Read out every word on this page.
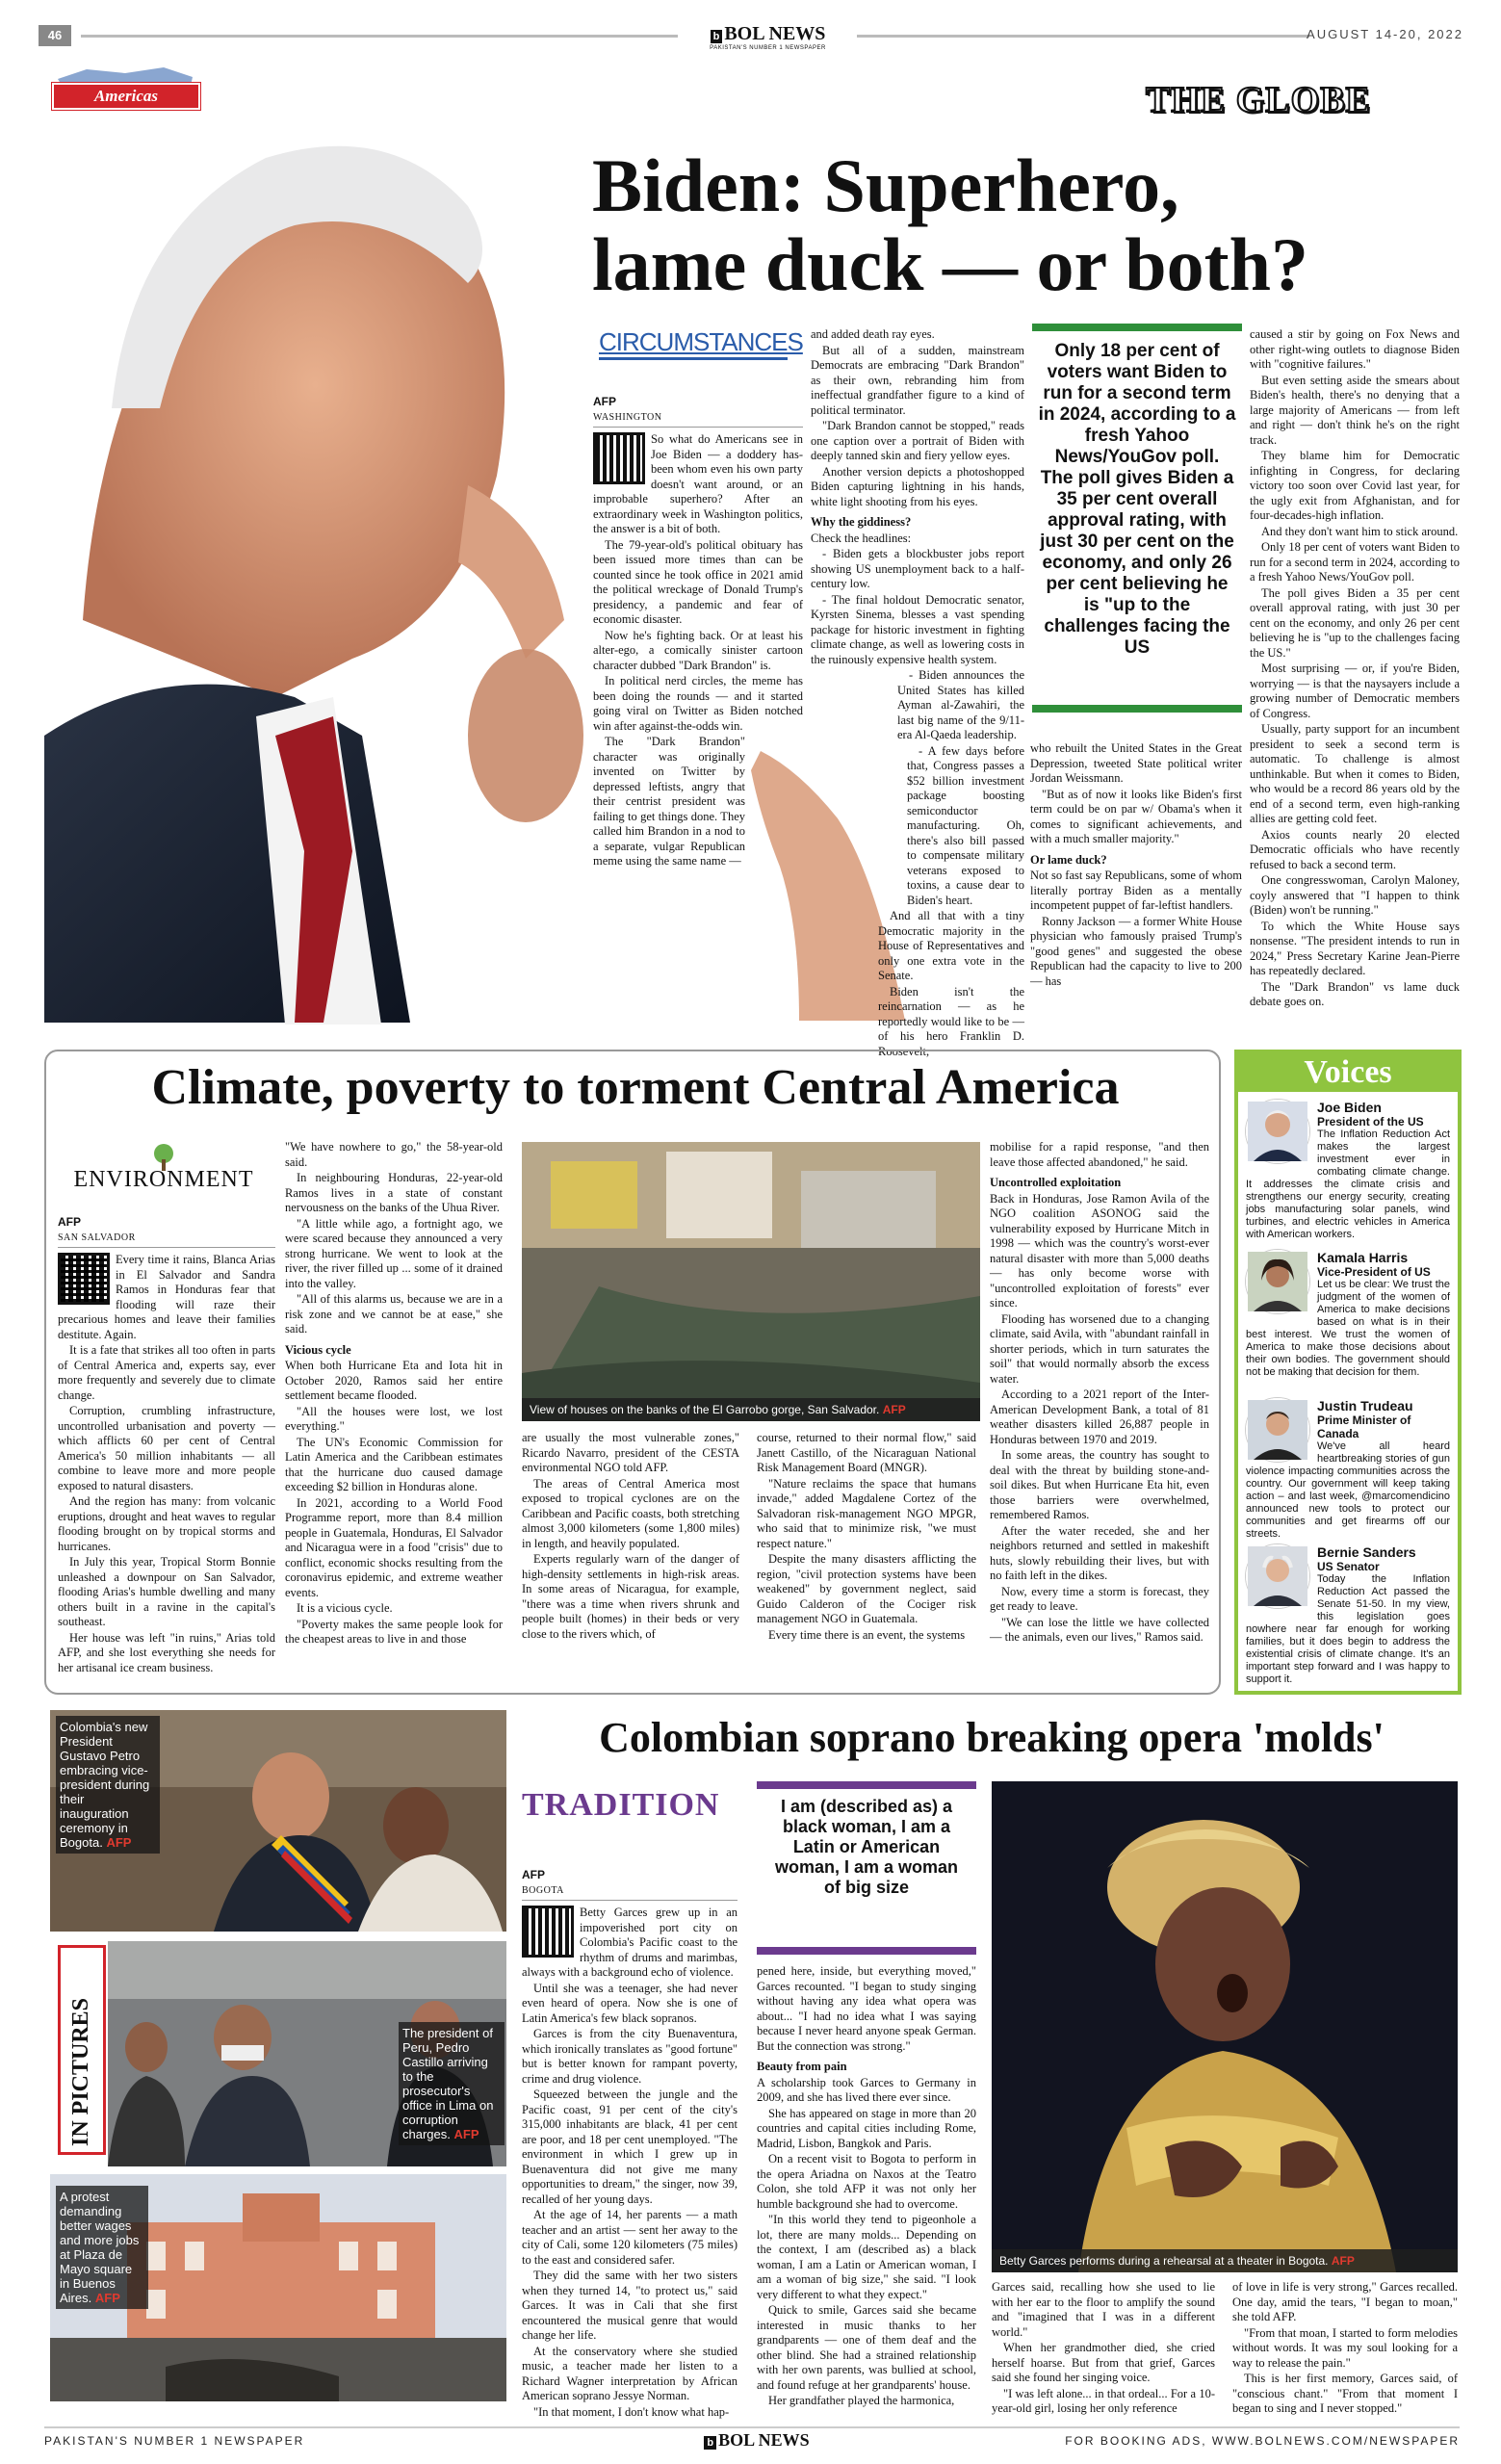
46	b BOL NEWS
PAKISTAN'S NUMBER 1 NEWSPAPER
AUGUST 14-20, 2022
Americas	THE GLOBE
Biden: Superhero,
lame duck — or both?
CIRCUMSTANCES
AFP
WASHINGTON

So what do Americans see in Joe Biden — a doddery has-been whom even his own party doesn't want around, or an improbable superhero? After an extraordinary week in Washington politics, the answer is a bit of both.

The 79-year-old's political obituary has been issued more times than can be counted since he took office in 2021 amid the political wreckage of Donald Trump's presidency, a pandemic and fear of economic disaster.

Now he's fighting back. Or at least his alter-ego, a comically sinister cartoon character dubbed "Dark Brandon" is.

In political nerd circles, the meme has been doing the rounds — and it started going viral on Twitter as Biden notched win after against-the-odds win.

The "Dark Brandon" character was originally invented on Twitter by depressed leftists, angry that their centrist president was failing to get things done. They called him Brandon in a nod to a separate, vulgar Republican meme using the same name —

and added death ray eyes.

But all of a sudden, mainstream Democrats are embracing "Dark Brandon" as their own, rebranding him from ineffectual grandfather figure to a kind of political terminator.

"Dark Brandon cannot be stopped," reads one caption over a portrait of Biden with deeply tanned skin and fiery yellow eyes.

Another version depicts a photoshopped Biden capturing lightning in his hands, white light shooting from his eyes.

Why the giddiness?

Check the headlines:

- Biden gets a blockbuster jobs report showing US unemployment back to a half-century low.

- The final holdout Democratic senator, Kyrsten Sinema, blesses a vast spending package for historic investment in fighting climate change, as well as lowering costs in the ruinously expensive health system.

- Biden announces the United States has killed Ayman al-Zawahiri, the last big name of the 9/11-era Al-Qaeda leadership.

- A few days before that, Congress passes a $52 billion investment package boosting semiconductor manufacturing. Oh, there's also bill passed to compensate military veterans exposed to toxins, a cause dear to Biden's heart.

And all that with a tiny Democratic majority in the House of Representatives and only one extra vote in the Senate.

Biden isn't the reincarnation — as he reportedly would like to be — of his hero Franklin D. Roosevelt,

Only 18 per cent of voters want Biden to run for a second term in 2024, according to a fresh Yahoo News/YouGov poll. The poll gives Biden a 35 per cent overall approval rating, with just 30 per cent on the economy, and only 26 per cent believing he is "up to the challenges facing the US

who rebuilt the United States in the Great Depression, tweeted State political writer Jordan Weissmann.

"But as of now it looks like Biden's first term could be on par w/ Obama's when it comes to significant achievements, and with a much smaller majority."

Or lame duck?

Not so fast say Republicans, some of whom literally portray Biden as a mentally incompetent puppet of far-leftist handlers.

Ronny Jackson — a former White House physician who famously praised Trump's "good genes" and suggested the obese Republican had the capacity to live to 200 — has

caused a stir by going on Fox News and other right-wing outlets to diagnose Biden with "cognitive failures."

But even setting aside the smears about Biden's health, there's no denying that a large majority of Americans — from left and right — don't think he's on the right track.

They blame him for Democratic infighting in Congress, for declaring victory too soon over Covid last year, for the ugly exit from Afghanistan, and for four-decades-high inflation.

And they don't want him to stick around.

Only 18 per cent of voters want Biden to run for a second term in 2024, according to a fresh Yahoo News/YouGov poll.

The poll gives Biden a 35 per cent overall approval rating, with just 30 per cent on the economy, and only 26 per cent believing he is "up to the challenges facing the US."

Most surprising — or, if you're Biden, worrying — is that the naysayers include a growing number of Democratic members of Congress.

Usually, party support for an incumbent president to seek a second term is automatic. To challenge is almost unthinkable. But when it comes to Biden, who would be a record 86 years old by the end of a second term, even high-ranking allies are getting cold feet.

Axios counts nearly 20 elected Democratic officials who have recently refused to back a second term.

One congresswoman, Carolyn Maloney, coyly answered that "I happen to think (Biden) won't be running."

To which the White House says nonsense. "The president intends to run in 2024," Press Secretary Karine Jean-Pierre has repeatedly declared.

The "Dark Brandon" vs lame duck debate goes on.

Climate, poverty to torment Central America
ENVIRONMENT
AFP
SAN SALVADOR

Every time it rains, Blanca Arias in El Salvador and Sandra Ramos in Honduras fear that flooding will raze their precarious homes and leave their families destitute. Again.

It is a fate that strikes all too often in parts of Central America and, experts say, ever more frequently and severely due to climate change.

Corruption, crumbling infrastructure, uncontrolled urbanisation and poverty — which afflicts 60 per cent of Central America's 50 million inhabitants — all combine to leave more and more people exposed to natural disasters.

And the region has many: from volcanic eruptions, drought and heat waves to regular flooding brought on by tropical storms and hurricanes.

In July this year, Tropical Storm Bonnie unleashed a downpour on San Salvador, flooding Arias's humble dwelling and many others built in a ravine in the capital's southeast.

Her house was left "in ruins," Arias told AFP, and she lost everything she needs for her artisanal ice cream business.

"We have nowhere to go," the 58-year-old said.

In neighbouring Honduras, 22-year-old Ramos lives in a state of constant nervousness on the banks of the Uhua River.

"A little while ago, a fortnight ago, we were scared because they announced a very strong hurricane. We went to look at the river, the river filled up ... some of it drained into the valley.

"All of this alarms us, because we are in a risk zone and we cannot be at ease," she said.

Vicious cycle

When both Hurricane Eta and Iota hit in October 2020, Ramos said her entire settlement became flooded.

"All the houses were lost, we lost everything."

The UN's Economic Commission for Latin America and the Caribbean estimates that the hurricane duo caused damage exceeding $2 billion in Honduras alone.

In 2021, according to a World Food Programme report, more than 8.4 million people in Guatemala, Honduras, El Salvador and Nicaragua were in a food "crisis" due to conflict, economic shocks resulting from the coronavirus epidemic, and extreme weather events.

It is a vicious cycle.

"Poverty makes the same people look for the cheapest areas to live in and those

View of houses on the banks of the El Garrobo gorge, San Salvador. AFP

are usually the most vulnerable zones," Ricardo Navarro, president of the CESTA environmental NGO told AFP.

The areas of Central America most exposed to tropical cyclones are on the Caribbean and Pacific coasts, both stretching almost 3,000 kilometers (some 1,800 miles) in length, and heavily populated.

Experts regularly warn of the danger of high-density settlements in high-risk areas. In some areas of Nicaragua, for example, "there was a time when rivers shrunk and people built (homes) in their beds or very close to the rivers which, of

course, returned to their normal flow," said Janett Castillo, of the Nicaraguan National Risk Management Board (MNGR).

"Nature reclaims the space that humans invade," added Magdalene Cortez of the Salvadoran risk-management NGO MPGR, who said that to minimize risk, "we must respect nature."

Despite the many disasters afflicting the region, "civil protection systems have been weakened" by government neglect, said Guido Calderon of the Cociger risk management NGO in Guatemala.

Every time there is an event, the systems

mobilise for a rapid response, "and then leave those affected abandoned," he said.

Uncontrolled exploitation

Back in Honduras, Jose Ramon Avila of the NGO coalition ASONOG said the vulnerability exposed by Hurricane Mitch in 1998 — which was the country's worst-ever natural disaster with more than 5,000 deaths — has only become worse with "uncontrolled exploitation of forests" ever since.

Flooding has worsened due to a changing climate, said Avila, with "abundant rainfall in shorter periods, which in turn saturates the soil" that would normally absorb the excess water.

According to a 2021 report of the Inter-American Development Bank, a total of 81 weather disasters killed 26,887 people in Honduras between 1970 and 2019.

In some areas, the country has sought to deal with the threat by building stone-and-soil dikes. But when Hurricane Eta hit, even those barriers were overwhelmed, remembered Ramos.

After the water receded, she and her neighbors returned and settled in makeshift huts, slowly rebuilding their lives, but with no faith left in the dikes.

Now, every time a storm is forecast, they get ready to leave.

"We can lose the little we have collected — the animals, even our lives," Ramos said.

Voices
Joe Biden
President of the US
The Inflation Reduction Act makes the largest investment ever in combating climate change. It addresses the climate crisis and strengthens our energy security, creating jobs manufacturing solar panels, wind turbines, and electric vehicles in America with American workers.
Kamala Harris
Vice-President of US
Let us be clear: We trust the judgment of the women of America to make decisions based on what is in their best interest. We trust the women of America to make those decisions about their own bodies. The government should not be making that decision for them.
Justin Trudeau
Prime Minister of Canada
We've all heard heartbreaking stories of gun violence impacting communities across the country. Our government will keep taking action – and last week, @marcomendicino announced new tools to protect our communities and get firearms off our streets.
Bernie Sanders
US Senator
Today the Inflation Reduction Act passed the Senate 51-50. In my view, this legislation goes nowhere near far enough for working families, but it does begin to address the existential crisis of climate change. It's an important step forward and I was happy to support it.
Colombia's new President Gustavo Petro embracing vice-president during their inauguration ceremony in Bogota. AFP
IN PICTURES	The president of Peru, Pedro Castillo arriving to the prosecutor's office in Lima on corruption charges. AFP
A protest demanding better wages and more jobs at Plaza de Mayo square in Buenos Aires. AFP
Colombian soprano breaking opera 'molds'
TRADITION
AFP
BOGOTA

Betty Garces grew up in an impoverished port city on Colombia's Pacific coast to the rhythm of drums and marimbas, always with a background echo of violence.

Until she was a teenager, she had never even heard of opera. Now she is one of Latin America's few black sopranos.

Garces is from the city Buenaventura, which ironically translates as "good fortune" but is better known for rampant poverty, crime and drug violence.

Squeezed between the jungle and the Pacific coast, 91 per cent of the city's 315,000 inhabitants are black, 41 per cent are poor, and 18 per cent unemployed. "The environment in which I grew up in Buenaventura did not give me many opportunities to dream," the singer, now 39, recalled of her young days.

At the age of 14, her parents — a math teacher and an artist — sent her away to the city of Cali, some 120 kilometers (75 miles) to the east and considered safer.

They did the same with her two sisters when they turned 14, "to protect us," said Garces. It was in Cali that she first encountered the musical genre that would change her life.

At the conservatory where she studied music, a teacher made her listen to a Richard Wagner interpretation by African American soprano Jessye Norman.

"In that moment, I don't know what hap-

I am (described as) a black woman, I am a Latin or American woman, I am a woman of big size

pened here, inside, but everything moved," Garces recounted. "I began to study singing without having any idea what opera was about... "I had no idea what I was saying because I never heard anyone speak German. But the connection was strong."

Beauty from pain

A scholarship took Garces to Germany in 2009, and she has lived there ever since.

She has appeared on stage in more than 20 countries and capital cities including Rome, Madrid, Lisbon, Bangkok and Paris.

On a recent visit to Bogota to perform in the opera Ariadna on Naxos at the Teatro Colon, she told AFP it was not only her humble background she had to overcome.

"In this world they tend to pigeonhole a lot, there are many molds... Depending on the context, I am (described as) a black woman, I am a Latin or American woman, I am a woman of big size," she said. "I look very different to what they expect."

Quick to smile, Garces said she became interested in music thanks to her grandparents — one of them deaf and the other blind. She had a strained relationship with her own parents, was bullied at school, and found refuge at her grandparents' house.

Her grandfather played the harmonica,

Betty Garces performs during a rehearsal at a theater in Bogota. AFP

Garces said, recalling how she used to lie with her ear to the floor to amplify the sound and "imagined that I was in a different world."

When her grandmother died, she cried herself hoarse. But from that grief, Garces said she found her singing voice.

"I was left alone... in that ordeal... For a 10-year-old girl, losing her only reference

of love in life is very strong," Garces recalled. One day, amid the tears, "I began to moan," she told AFP.

"From that moan, I started to form melodies without words. It was my soul looking for a way to release the pain."

This is her first memory, Garces said, of "conscious chant." "From that moment I began to sing and I never stopped."

PAKISTAN'S NUMBER 1 NEWSPAPER	b BOL NEWS	FOR BOOKING ADS, WWW.BOLNEWS.COM/NEWSPAPER
